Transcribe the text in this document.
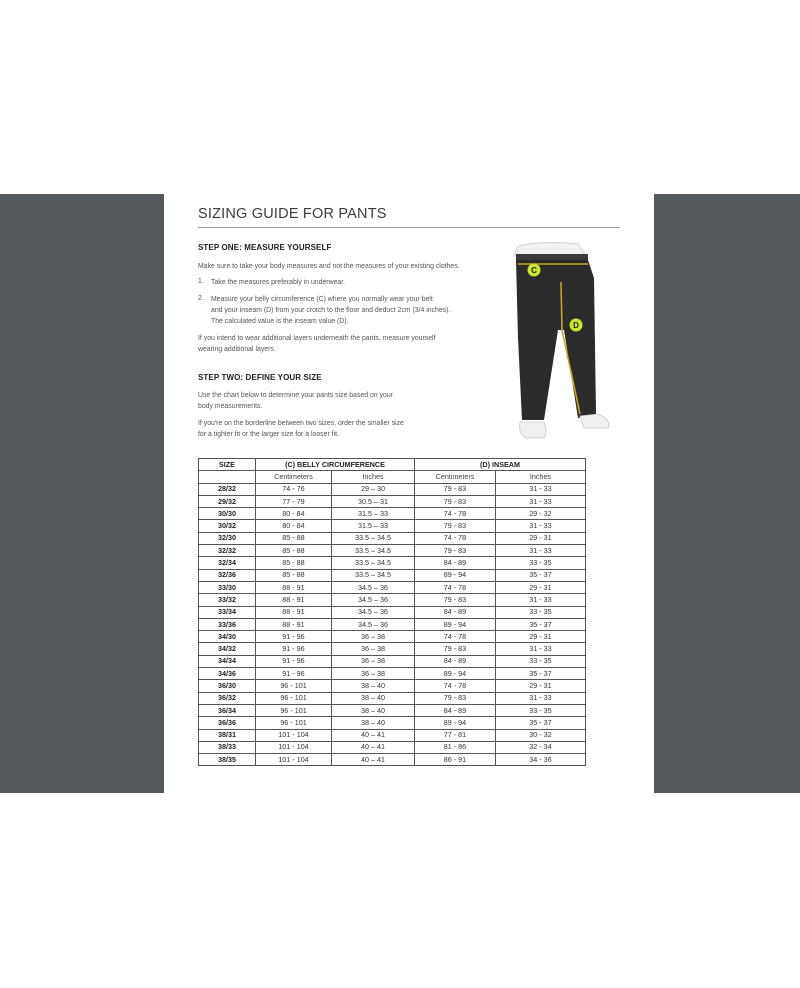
SIZING GUIDE FOR PANTS
STEP ONE: MEASURE YOURSELF
Make sure to take your body measures and not the measures of your existing clothes.
1. Take the measures preferably in underwear.
2. Measure your belly circumference (C) where you normally wear your belt
and your inseam (D) from your crotch to the floor and deduct 2cm (3/4 inches).
The calculated value is the inseam value (D).
If you intend to wear additional layers underneath the pants, measure yourself
wearing additional layers.
STEP TWO: DEFINE YOUR SIZE
Use the chart below to determine your pants size based on your
body measurements.
If you're on the borderline between two sizes, order the smaller size
for a tighter fit or the larger size for a looser fit.
C
D
SIZE	(C) BELLY CIRCUMFERENCE		(D) INSEAM	
	Centimeters	Inches	Centimeters	Inches
28/32	74 - 76	29 – 30	79 - 83	31 - 33
29/32	77 - 79	30.5 – 31	79 - 83	31 - 33
30/30	80 - 84	31.5 – 33	74 - 78	29 - 32
30/32	80 - 84	31.5 – 33	79 - 83	31 - 33
32/30	85 - 88	33.5 – 34.5	74 - 78	29 - 31
32/32	85 - 88	33.5 – 34.5	79 - 83	31 - 33
32/34	85 - 88	33.5 – 34.5	84 - 89	33 - 35
32/36	85 - 88	33.5 – 34.5	89 - 94	35 - 37
33/30	88 - 91	34.5 – 36	74 - 78	29 - 31
33/32	88 - 91	34.5 – 36	79 - 83	31 - 33
33/34	88 - 91	34.5 – 36	84 - 89	33 - 35
33/36	88 - 91	34.5 – 36	89 - 94	35 - 37
34/30	91 - 96	36 – 38	74 - 78	29 - 31
34/32	91 - 96	36 – 38	79 - 83	31 - 33
34/34	91 - 96	36 – 38	84 - 89	33 - 35
34/36	91 - 96	36 – 38	89 - 94	35 - 37
36/30	96 - 101	38 – 40	74 - 78	29 - 31
36/32	96 - 101	38 – 40	79 - 83	31 - 33
36/34	96 - 101	38 – 40	84 - 89	33 - 35
36/36	96 - 101	38 – 40	89 - 94	35 - 37
38/31	101 - 104	40 – 41	77 - 81	30 - 32
38/33	101 - 104	40 – 41	81 - 86	32 - 34
38/35	101 - 104	40 – 41	86 - 91	34 - 36
